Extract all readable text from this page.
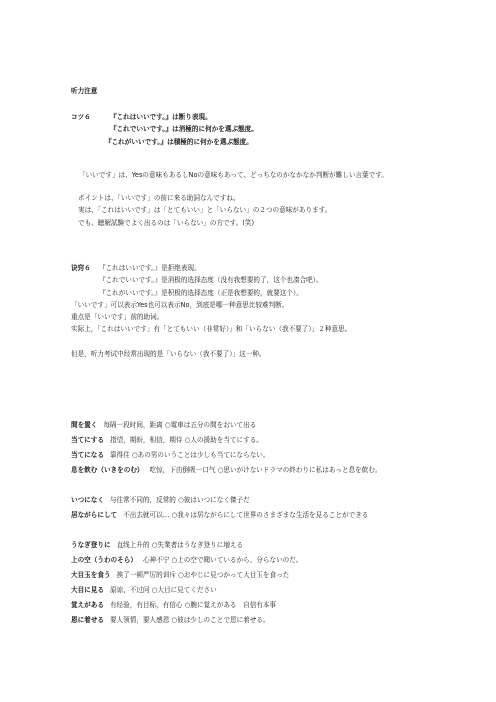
听力注意
コツ６	『これはいいです。』は断り表現。
『これでいいです。』は消極的に何かを選ぶ態度。
『これがいいです。』は積極的に何かを選ぶ態度。
「いいです」は、Yesの意味もあるしNoの意味もあって、どっちなのかなかなか判断が難しい言葉です。
ポイントは、「いいです」の前に来る助詞なんですね。
実は、「これはいいです」は「とてもいい」と「いらない」の２つの意味があります。
でも、聴解試験でよく出るのは「いらない」の方です。(笑)
诀窍６ 『これはいいです。』是拒绝表现。
『これでいいです。』是消极的选择态度（没有我想要的了，这个也凑合吧）。
『これがいいです。』是积极的选择态度（正是我想要的，就要这个）。
「いいです」可以表示Yes也可以表示No，到底是哪一种意思比较难判断。
重点是「いいです」前的助词。
实际上，「これはいいです」有「とてもいい（非常好）」和「いらない（我不要了）」２种意思。
但是，听力考试中经常出现的是「いらない（我不要了）」这一种。
間を置く 每隔一段时间，距离 ○電車は五分の間をおいて出る
当てにする 指望，期盼，相信，期待 ○人の援助を当てにする。
当てになる 靠得住 ○あの男のいうことは少しも当てにならない。
息を飲む（いきをのむ） 吃惊，下由倒吸一口气 ○思いがけないドラマの終わりに私はあっと息を飲む。
いつになく 与往常不同的，反常的 ○彼はいつになく傑子だ
居ながらにして 不出去就可以… ○我々は居ながらにして世界のさまざまな生活を見ることができる
うなぎ登りに 直线上升的 ○失業者はうなぎ登りに増える
上の空（うわのそら） 心神不宁 ○上の空で聞いているから、分らないのだ。
大目玉を食う 挨了一顿严厉的训斥 ○おやじに見つかって大目玉を食った
大目に見る 原谅，不过问 ○大目に見てください
覚えがある 有经验，有目标，有信心 ○腕に覚えがある　自信有本事
恩に着せる 要人领情，要人感恩 ○彼は少しのことで恩に着せる。
